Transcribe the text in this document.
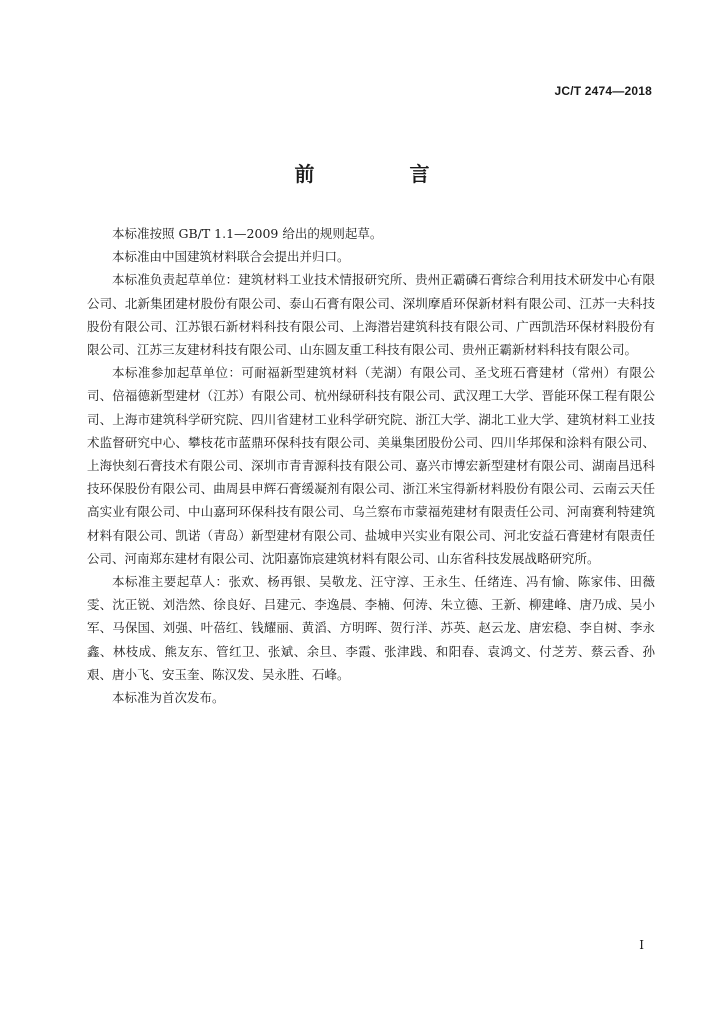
JC/T 2474—2018
前 言

本标准按照 GB/T 1.1—2009 给出的规则起草。

本标准由中国建筑材料联合会提出并归口。

本标准负责起草单位：建筑材料工业技术情报研究所、贵州正霸磷石膏综合利用技术研发中心有限公司、北新集团建材股份有限公司、泰山石膏有限公司、深圳摩盾环保新材料有限公司、江苏一夫科技股份有限公司、江苏银石新材料科技有限公司、上海潜岩建筑科技有限公司、广西凯浩环保材料股份有限公司、江苏三友建材科技有限公司、山东圆友重工科技有限公司、贵州正霸新材料科技有限公司。

本标准参加起草单位：可耐福新型建筑材料（芜湖）有限公司、圣戈班石膏建材（常州）有限公司、倍福德新型建材（江苏）有限公司、杭州绿研科技有限公司、武汉理工大学、晋能环保工程有限公司、上海市建筑科学研究院、四川省建材工业科学研究院、浙江大学、湖北工业大学、建筑材料工业技术监督研究中心、攀枝花市蓝鼎环保科技有限公司、美巢集团股份公司、四川华邦保和涂料有限公司、上海快刻石膏技术有限公司、深圳市青青源科技有限公司、嘉兴市博宏新型建材有限公司、湖南昌迅科技环保股份有限公司、曲周县申辉石膏缓凝剂有限公司、浙江米宝得新材料股份有限公司、云南云天任高实业有限公司、中山嘉珂环保科技有限公司、乌兰察布市蒙福苑建材有限责任公司、河南赛利特建筑材料有限公司、凯诺（青岛）新型建材有限公司、盐城申兴实业有限公司、河北安益石膏建材有限责任公司、河南郑东建材有限公司、沈阳嘉饰宸建筑材料有限公司、山东省科技发展战略研究所。

本标准主要起草人：张欢、杨再银、吴敬龙、汪守淳、王永生、任绪连、冯有愉、陈家伟、田薇雯、沈正锐、刘浩然、徐良好、吕建元、李逸晨、李楠、何涛、朱立德、王新、柳建峰、唐乃成、吴小军、马保国、刘强、叶蓓红、钱耀丽、黄滔、方明晖、贺行洋、苏英、赵云龙、唐宏稳、李自树、李永鑫、林枝成、熊友东、管红卫、张斌、余旦、李霞、张津践、和阳春、袁鸿文、付芝芳、蔡云香、孙艰、唐小飞、安玉奎、陈汉发、吴永胜、石峰。

本标准为首次发布。

I
